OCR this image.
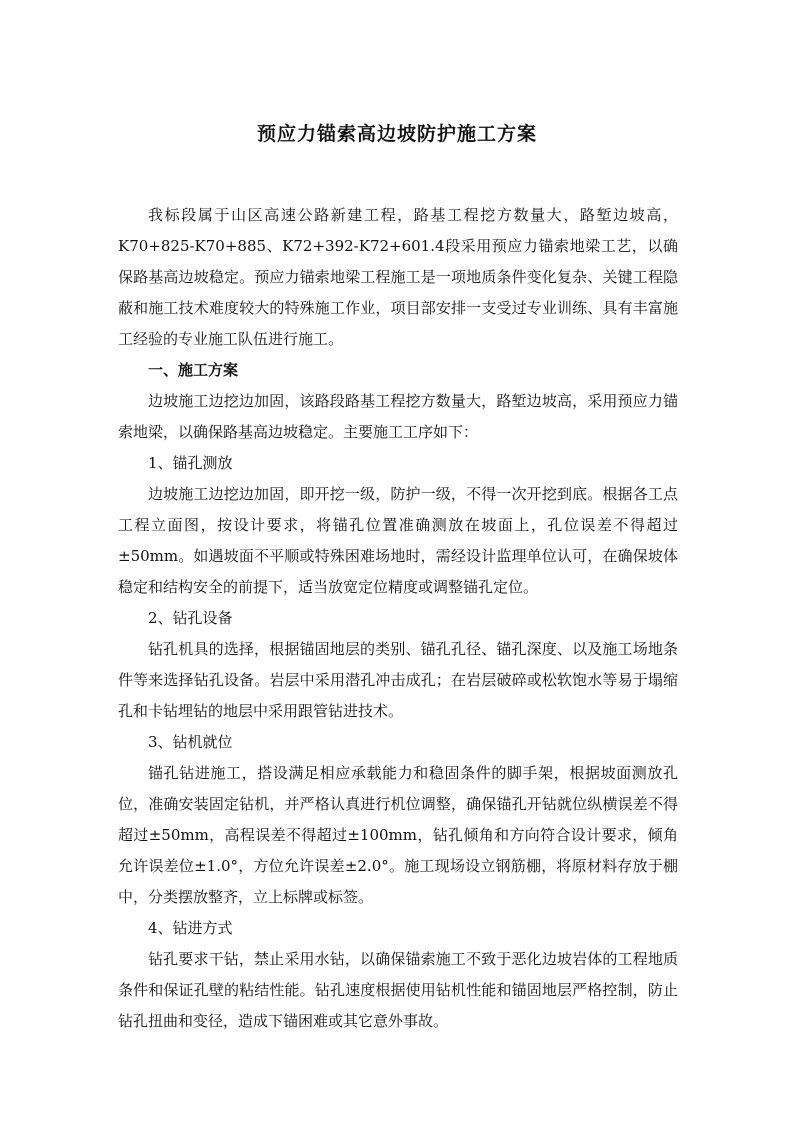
预应力锚索高边坡防护施工方案

我标段属于山区高速公路新建工程，路基工程挖方数量大，路堑边坡高，K70+825-K70+885、K72+392-K72+601.4段采用预应力锚索地梁工艺，以确保路基高边坡稳定。预应力锚索地梁工程施工是一项地质条件变化复杂、关键工程隐蔽和施工技术难度较大的特殊施工作业，项目部安排一支受过专业训练、具有丰富施工经验的专业施工队伍进行施工。

一、施工方案

边坡施工边挖边加固，该路段路基工程挖方数量大，路堑边坡高，采用预应力锚索地梁，以确保路基高边坡稳定。主要施工工序如下：

1、锚孔测放

边坡施工边挖边加固，即开挖一级，防护一级，不得一次开挖到底。根据各工点工程立面图，按设计要求，将锚孔位置准确测放在坡面上，孔位误差不得超过±50mm。如遇坡面不平顺或特殊困难场地时，需经设计监理单位认可，在确保坡体稳定和结构安全的前提下，适当放宽定位精度或调整锚孔定位。

2、钻孔设备

钻孔机具的选择，根据锚固地层的类别、锚孔孔径、锚孔深度、以及施工场地条件等来选择钻孔设备。岩层中采用潜孔冲击成孔；在岩层破碎或松软饱水等易于塌缩孔和卡钻埋钻的地层中采用跟管钻进技术。

3、钻机就位

锚孔钻进施工，搭设满足相应承载能力和稳固条件的脚手架，根据坡面测放孔位，准确安装固定钻机，并严格认真进行机位调整，确保锚孔开钻就位纵横误差不得超过±50mm，高程误差不得超过±100mm，钻孔倾角和方向符合设计要求，倾角允许误差位±1.0°，方位允许误差±2.0°。施工现场设立钢筋棚，将原材料存放于棚中，分类摆放整齐，立上标牌或标签。

4、钻进方式

钻孔要求干钻，禁止采用水钻，以确保锚索施工不致于恶化边坡岩体的工程地质条件和保证孔壁的粘结性能。钻孔速度根据使用钻机性能和锚固地层严格控制，防止钻孔扭曲和变径，造成下锚困难或其它意外事故。
